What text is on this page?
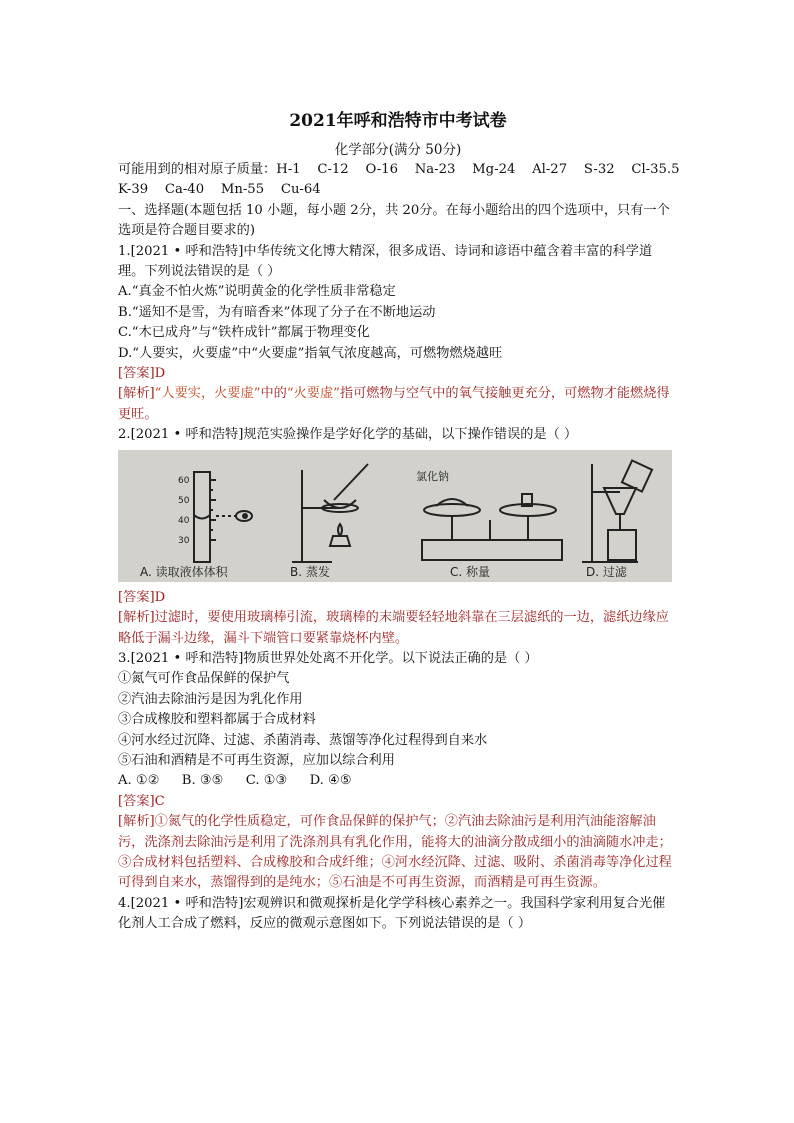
2021年呼和浩特市中考试卷
化学部分(满分 50分)
可能用到的相对原子质量：H-1    C-12    O-16    Na-23    Mg-24    Al-27    S-32    Cl-35.5
K-39    Ca-40    Mn-55    Cu-64
一、选择题(本题包括 10 小题，每小题 2分，共 20分。在每小题给出的四个选项中，只有一个选项是符合题目要求的)
1.[2021 • 呼和浩特]中华传统文化博大精深，很多成语、诗词和谚语中蕴含着丰富的科学道理。下列说法错误的是（ ）
A.“真金不怕火炼”说明黄金的化学性质非常稳定
B.“遥知不是雪，为有暗香来”体现了分子在不断地运动
C.“木已成舟”与“铁杵成针”都属于物理变化
D.“人要实，火要虚”中“火要虚”指氧气浓度越高，可燃物燃烧越旺
[答案]D
[解析]“人要实，火要虚”中的“火要虚”指可燃物与空气中的氧气接触更充分，可燃物才能燃烧得更旺。
2.[2021 • 呼和浩特]规范实验操作是学好化学的基础，以下操作错误的是（ ）
60
50
40
30
氯化钠
A. 读取液体体积	B. 蒸发	C. 称量	D. 过滤
[答案]D
[解析]过滤时，要使用玻璃棒引流，玻璃棒的末端要轻轻地斜靠在三层滤纸的一边，滤纸边缘应略低于漏斗边缘，漏斗下端管口要紧靠烧杯内壁。
3.[2021 • 呼和浩特]物质世界处处离不开化学。以下说法正确的是（ ）
①氮气可作食品保鲜的保护气
②汽油去除油污是因为乳化作用
③合成橡胶和塑料都属于合成材料
④河水经过沉降、过滤、杀菌消毒、蒸馏等净化过程得到自来水
⑤石油和酒精是不可再生资源，应加以综合利用
A. ①② B. ③⑤ C. ①③ D. ④⑤
[答案]C
[解析]①氮气的化学性质稳定，可作食品保鲜的保护气；②汽油去除油污是利用汽油能溶解油污，洗涤剂去除油污是利用了洗涤剂具有乳化作用，能将大的油滴分散成细小的油滴随水冲走；③合成材料包括塑料、合成橡胶和合成纤维；④河水经沉降、过滤、吸附、杀菌消毒等净化过程可得到自来水，蒸馏得到的是纯水；⑤石油是不可再生资源，而酒精是可再生资源。
4.[2021 • 呼和浩特]宏观辨识和微观探析是化学学科核心素养之一。我国科学家利用复合光催化剂人工合成了燃料，反应的微观示意图如下。下列说法错误的是（ ）
